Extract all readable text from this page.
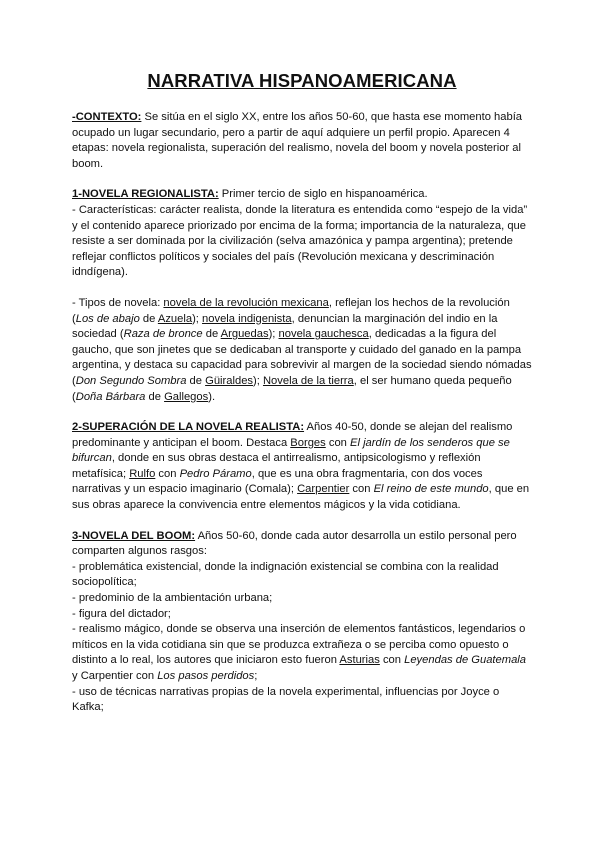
NARRATIVA HISPANOAMERICANA

-CONTEXTO: Se sitúa en el siglo XX, entre los años 50-60, que hasta ese momento había ocupado un lugar secundario, pero a partir de aquí adquiere un perfil propio. Aparecen 4 etapas: novela regionalista, superación del realismo, novela del boom y novela posterior al boom.

1-NOVELA REGIONALISTA: Primer tercio de siglo en hispanoamérica.

- Características: carácter realista, donde la literatura es entendida como “espejo de la vida” y el contenido aparece priorizado por encima de la forma; importancia de la naturaleza, que resiste a ser dominada por la civilización (selva amazónica y pampa argentina); pretende reflejar conflictos políticos y sociales del país (Revolución mexicana y descriminación idndígena).

- Tipos de novela: novela de la revolución mexicana, reflejan los hechos de la revolución (Los de abajo de Azuela); novela indigenista, denuncian la marginación del indio en la sociedad (Raza de bronce de Arguedas); novela gauchesca, dedicadas a la figura del gaucho, que son jinetes que se dedicaban al transporte y cuidado del ganado en la pampa argentina, y destaca su capacidad para sobrevivir al margen de la sociedad siendo nómadas (Don Segundo Sombra de Güiraldes); Novela de la tierra, el ser humano queda pequeño (Doña Bárbara de Gallegos).

2-SUPERACIÓN DE LA NOVELA REALISTA: Años 40-50, donde se alejan del realismo predominante y anticipan el boom. Destaca Borges con El jardín de los senderos que se bifurcan, donde en sus obras destaca el antirrealismo, antipsicologismo y reflexión metafísica; Rulfo con Pedro Páramo, que es una obra fragmentaria, con dos voces narrativas y un espacio imaginario (Comala); Carpentier con El reino de este mundo, que en sus obras aparece la convivencia entre elementos mágicos y la vida cotidiana.

3-NOVELA DEL BOOM: Años 50-60, donde cada autor desarrolla un estilo personal pero comparten algunos rasgos:

- problemática existencial, donde la indignación existencial se combina con la realidad sociopolítica;

- predominio de la ambientación urbana;

- figura del dictador;

- realismo mágico, donde se observa una inserción de elementos fantásticos, legendarios o míticos en la vida cotidiana sin que se produzca extrañeza o se perciba como opuesto o distinto a lo real, los autores que iniciaron esto fueron Asturias con Leyendas de Guatemala y Carpentier con Los pasos perdidos;

- uso de técnicas narrativas propias de la novela experimental, influencias por Joyce o Kafka;
